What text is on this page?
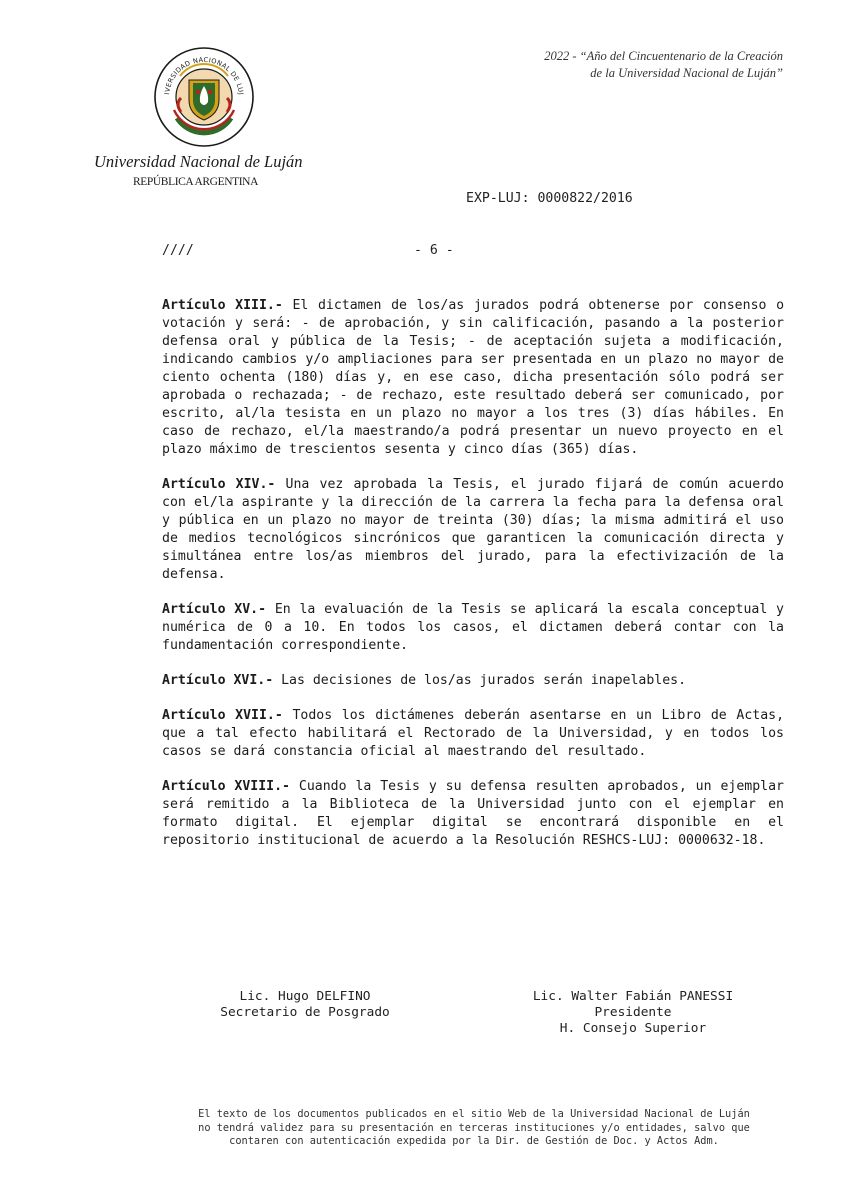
IVERSIDAD NACIONAL DE LUJ
Universidad Nacional de Luján
REPÚBLICA ARGENTINA
2022 - “Año del Cincuentenario de la Creación
de la Universidad Nacional de Luján”
EXP-LUJ: 0000822/2016
////	- 6 -

Artículo XIII.- El dictamen de los/as jurados podrá obtenerse por consenso o votación y será: - de aprobación, y sin calificación, pasando a la posterior defensa oral y pública de la Tesis; - de aceptación sujeta a modificación, indicando cambios y/o ampliaciones para ser presentada en un plazo no mayor de ciento ochenta (180) días y, en ese caso, dicha presentación sólo podrá ser aprobada o rechazada; - de rechazo, este resultado deberá ser comunicado, por escrito, al/la tesista en un plazo no mayor a los tres (3) días hábiles. En caso de rechazo, el/la maestrando/a podrá presentar un nuevo proyecto en el plazo máximo de trescientos sesenta y cinco días (365) días.

Artículo XIV.- Una vez aprobada la Tesis, el jurado fijará de común acuerdo con el/la aspirante y la dirección de la carrera la fecha para la defensa oral y pública en un plazo no mayor de treinta (30) días; la misma admitirá el uso de medios tecnológicos sincrónicos que garanticen la comunicación directa y simultánea entre los/as miembros del jurado, para la efectivización de la defensa.

Artículo XV.- En la evaluación de la Tesis se aplicará la escala conceptual y numérica de 0 a 10. En todos los casos, el dictamen deberá contar con la fundamentación correspondiente.

Artículo XVI.- Las decisiones de los/as jurados serán inapelables.

Artículo XVII.- Todos los dictámenes deberán asentarse en un Libro de Actas, que a tal efecto habilitará el Rectorado de la Universidad, y en todos los casos se dará constancia oficial al maestrando del resultado.

Artículo XVIII.- Cuando la Tesis y su defensa resulten aprobados, un ejemplar será remitido a la Biblioteca de la Universidad junto con el ejemplar en formato digital. El ejemplar digital se encontrará disponible en el repositorio institucional de acuerdo a la Resolución RESHCS-LUJ: 0000632-18.

Lic. Hugo DELFINO
Secretario de Posgrado
Lic. Walter Fabián PANESSI
Presidente
H. Consejo Superior
El texto de los documentos publicados en el sitio Web de la Universidad Nacional de Luján
no tendrá validez para su presentación en terceras instituciones y/o entidades, salvo que
contaren con autenticación expedida por la Dir. de Gestión de Doc. y Actos Adm.
